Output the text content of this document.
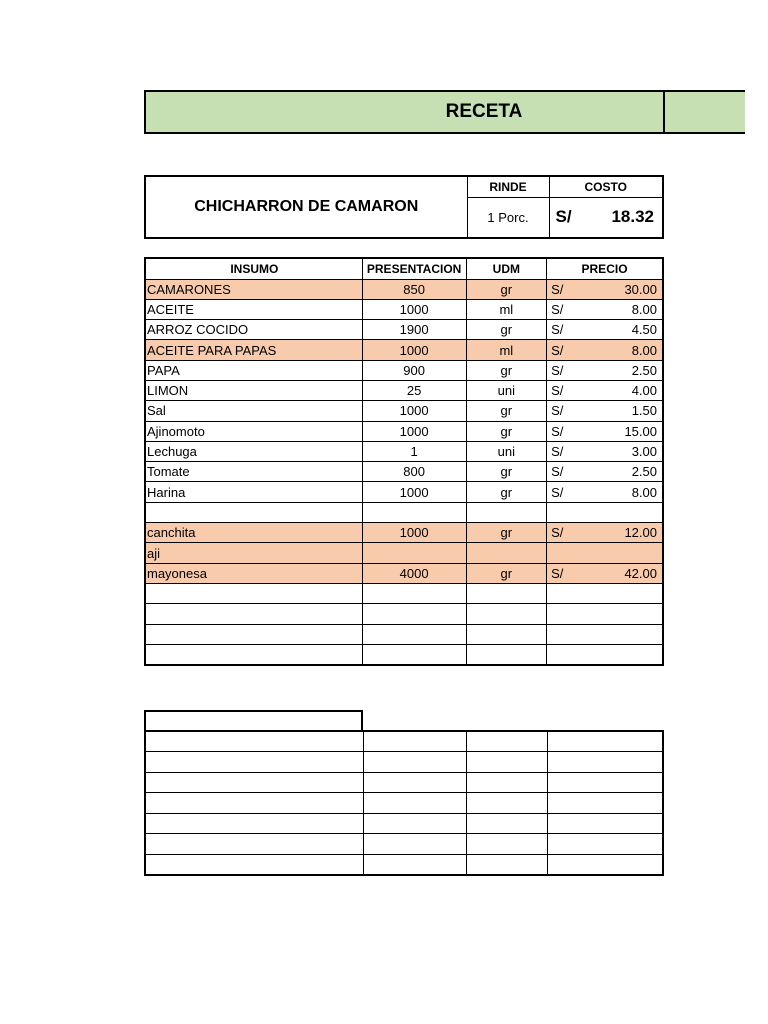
RECETA
CHICHARRON DE CAMARON	RINDE	COSTO
	1 Porc.	S/ 18.32
INSUMO	PRESENTACION	UDM	PRECIO
CAMARONES	850	gr	S/ 30.00

ACEITE	1000	ml	S/ 8.00

ARROZ COCIDO	1900	gr	S/ 4.50

ACEITE PARA PAPAS	1000	ml	S/ 8.00

PAPA	900	gr	S/ 2.50

LIMON	25	uni	S/ 4.00

Sal	1000	gr	S/ 1.50

Ajinomoto	1000	gr	S/ 15.00

Lechuga	1	uni	S/ 3.00

Tomate	800	gr	S/ 2.50

Harina	1000	gr	S/ 8.00

canchita	1000	gr	S/ 12.00

aji			

mayonesa	4000	gr	S/ 42.00
